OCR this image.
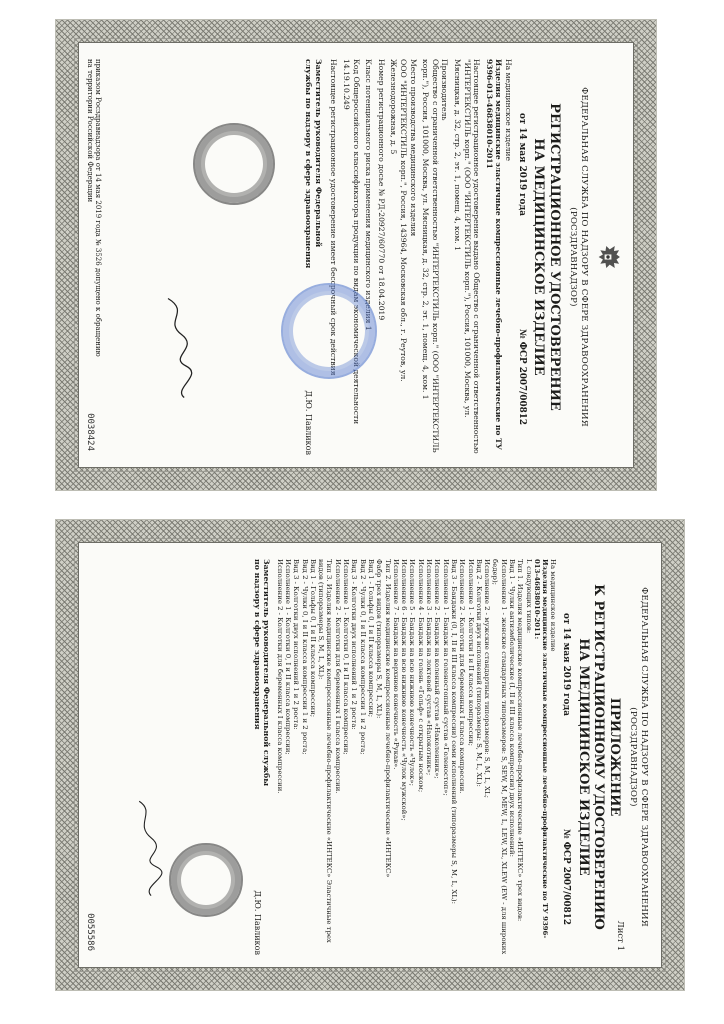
ФЕДЕРАЛЬНАЯ СЛУЖБА ПО НАДЗОРУ В СФЕРЕ ЗДРАВООХРАНЕНИЯ
(РОСЗДРАВНАДЗОР)
РЕГИСТРАЦИОННОЕ УДОСТОВЕРЕНИЕ
НА МЕДИЦИНСКОЕ ИЗДЕЛИЕ
от 14 мая 2019 года
№ ФСР 2007/00812

На медицинское изделие

Изделия медицинские эластичные компрессионные лечебно-профилактические по ТУ 9396-013-46838010-2011

Настоящее регистрационное удостоверение выдано Общество с ограниченной ответственностью "ИНТЕРТЕКСТИЛЬ корп." (ООО "ИНТЕРТЕКСТИЛЬ корп."), Россия, 101000, Москва, ул. Мясницкая, д. 32, стр. 2, эт. 1, помещ. 4, ком. 1

Производитель

Общество с ограниченной ответственностью "ИНТЕРТЕКСТИЛЬ корп." (ООО "ИНТЕРТЕКСТИЛЬ корп."), Россия, 101000, Москва, ул. Мясницкая, д. 32, стр. 2, эт. 1, помещ. 4, ком. 1

Место производства медицинского изделия

ООО "ИНТЕРТЕКСТИЛЬ корп.", Россия, 143964, Московская обл., г. Реутов, ул. Железнодорожная, д. 5

Номер регистрационного досье № РД-20927/60770 от 18.04.2019

Класс потенциального риска применения медицинского изделия 1

Код Общероссийского классификатора продукции по видам экономической деятельности 14.19.10.249

Настоящее регистрационное удостоверение имеет бессрочный срок действия

Заместитель руководителя Федеральной службы по надзору в сфере здравоохранения
Д.Ю. Павликов
приказом Росздравнадзора от 14 мая 2019 года № 3526 допущено к обращению на территории Российской Федерации
0038424
ФЕДЕРАЛЬНАЯ СЛУЖБА ПО НАДЗОРУ В СФЕРЕ ЗДРАВООХРАНЕНИЯ
(РОСЗДРАВНАДЗОР)
Лист 1
ПРИЛОЖЕНИЕ
К РЕГИСТРАЦИОННОМУ УДОСТОВЕРЕНИЮ
НА МЕДИЦИНСКОЕ ИЗДЕЛИЕ
от 14 мая 2019 года
№ ФСР 2007/00812

На медицинское изделие

Изделия медицинские эластичные компрессионные лечебно-профилактические по ТУ 9396-013-46838010-2011:

I. следующих типов:

Тип 1. Изделия медицинские компрессионные лечебно-профилактические «ИНТЕКС» трех видов:

Вид 1 - Чулки антиэмболические (I, II и III класса компрессии) двух исполнений:

Исполнение 1 - женские стандартных типоразмеров: S, SEW, M, MEW, L, LEW, XL, XLEW (EW - для широких бедер);

Исполнение 2 - мужские стандартных типоразмеров: S, M, L, XL;

Вид 2 - Колготки двух исполнений (типоразмеры: S, M, L, XL):

Исполнение 1 - Колготки I и II класса компрессии;

Исполнение 2 - Колготки для беременных I класса компрессии.

Вид 3 - Бандажи (0, I, II и III класса компрессии) семи исполнений (типоразмеры S, M, L, XL):

Исполнение 1 - Бандаж на голеностопный сустав «Голеностоп»;

Исполнение 2 - Бандаж на коленный сустав «Наколенник»;

Исполнение 3 - Бандаж на локтевой сустав «Налокотник»;

Исполнение 4 - Бандаж на голень «Гольф» с открытым носком;

Исполнение 5 - Бандаж на всю нижнюю конечность «Чулок»;

Исполнение 6 - Бандаж на всю нижнюю конечность «Чулок мужской»;

Исполнение 7 - Бандаж на верхнюю конечность «Рукав».

Тип 2. Изделия медицинские компрессионные лечебно-профилактические «ИНТЕКС»

Фабр трех видов (типоразмеры S, M, L, XL):

Вид 1 - Гольфы 0, I и II класса компрессии;

Вид 2 - Чулки 0, I и II класса компрессии 1 и 2 роста;

Вид 3 - Колготки двух исполнений 1 и 2 роста:

Исполнение 1 - Колготки 0, I и II класса компрессии;

Исполнение 2 - Колготки для беременных I класса компрессии.

Тип 3. Изделия медицинские компрессионные лечебно-профилактические «ИНТЕКС» Эластичные трех видов (типоразмеры S, M, L, XL):

Вид 1 - Гольфы 0, I и II класса компрессии;

Вид 2 - Чулки 0, I и II класса компрессии 1 и 2 роста;

Вид 3 - Колготки двух исполнений 1 и 2 роста:

Исполнение 1 - Колготки 0, I и II класса компрессии;

Исполнение 2 - Колготки для беременных I класса компрессии.

Заместитель руководителя Федеральной службы по надзору в сфере здравоохранения
Д.Ю. Павликов
0055586
